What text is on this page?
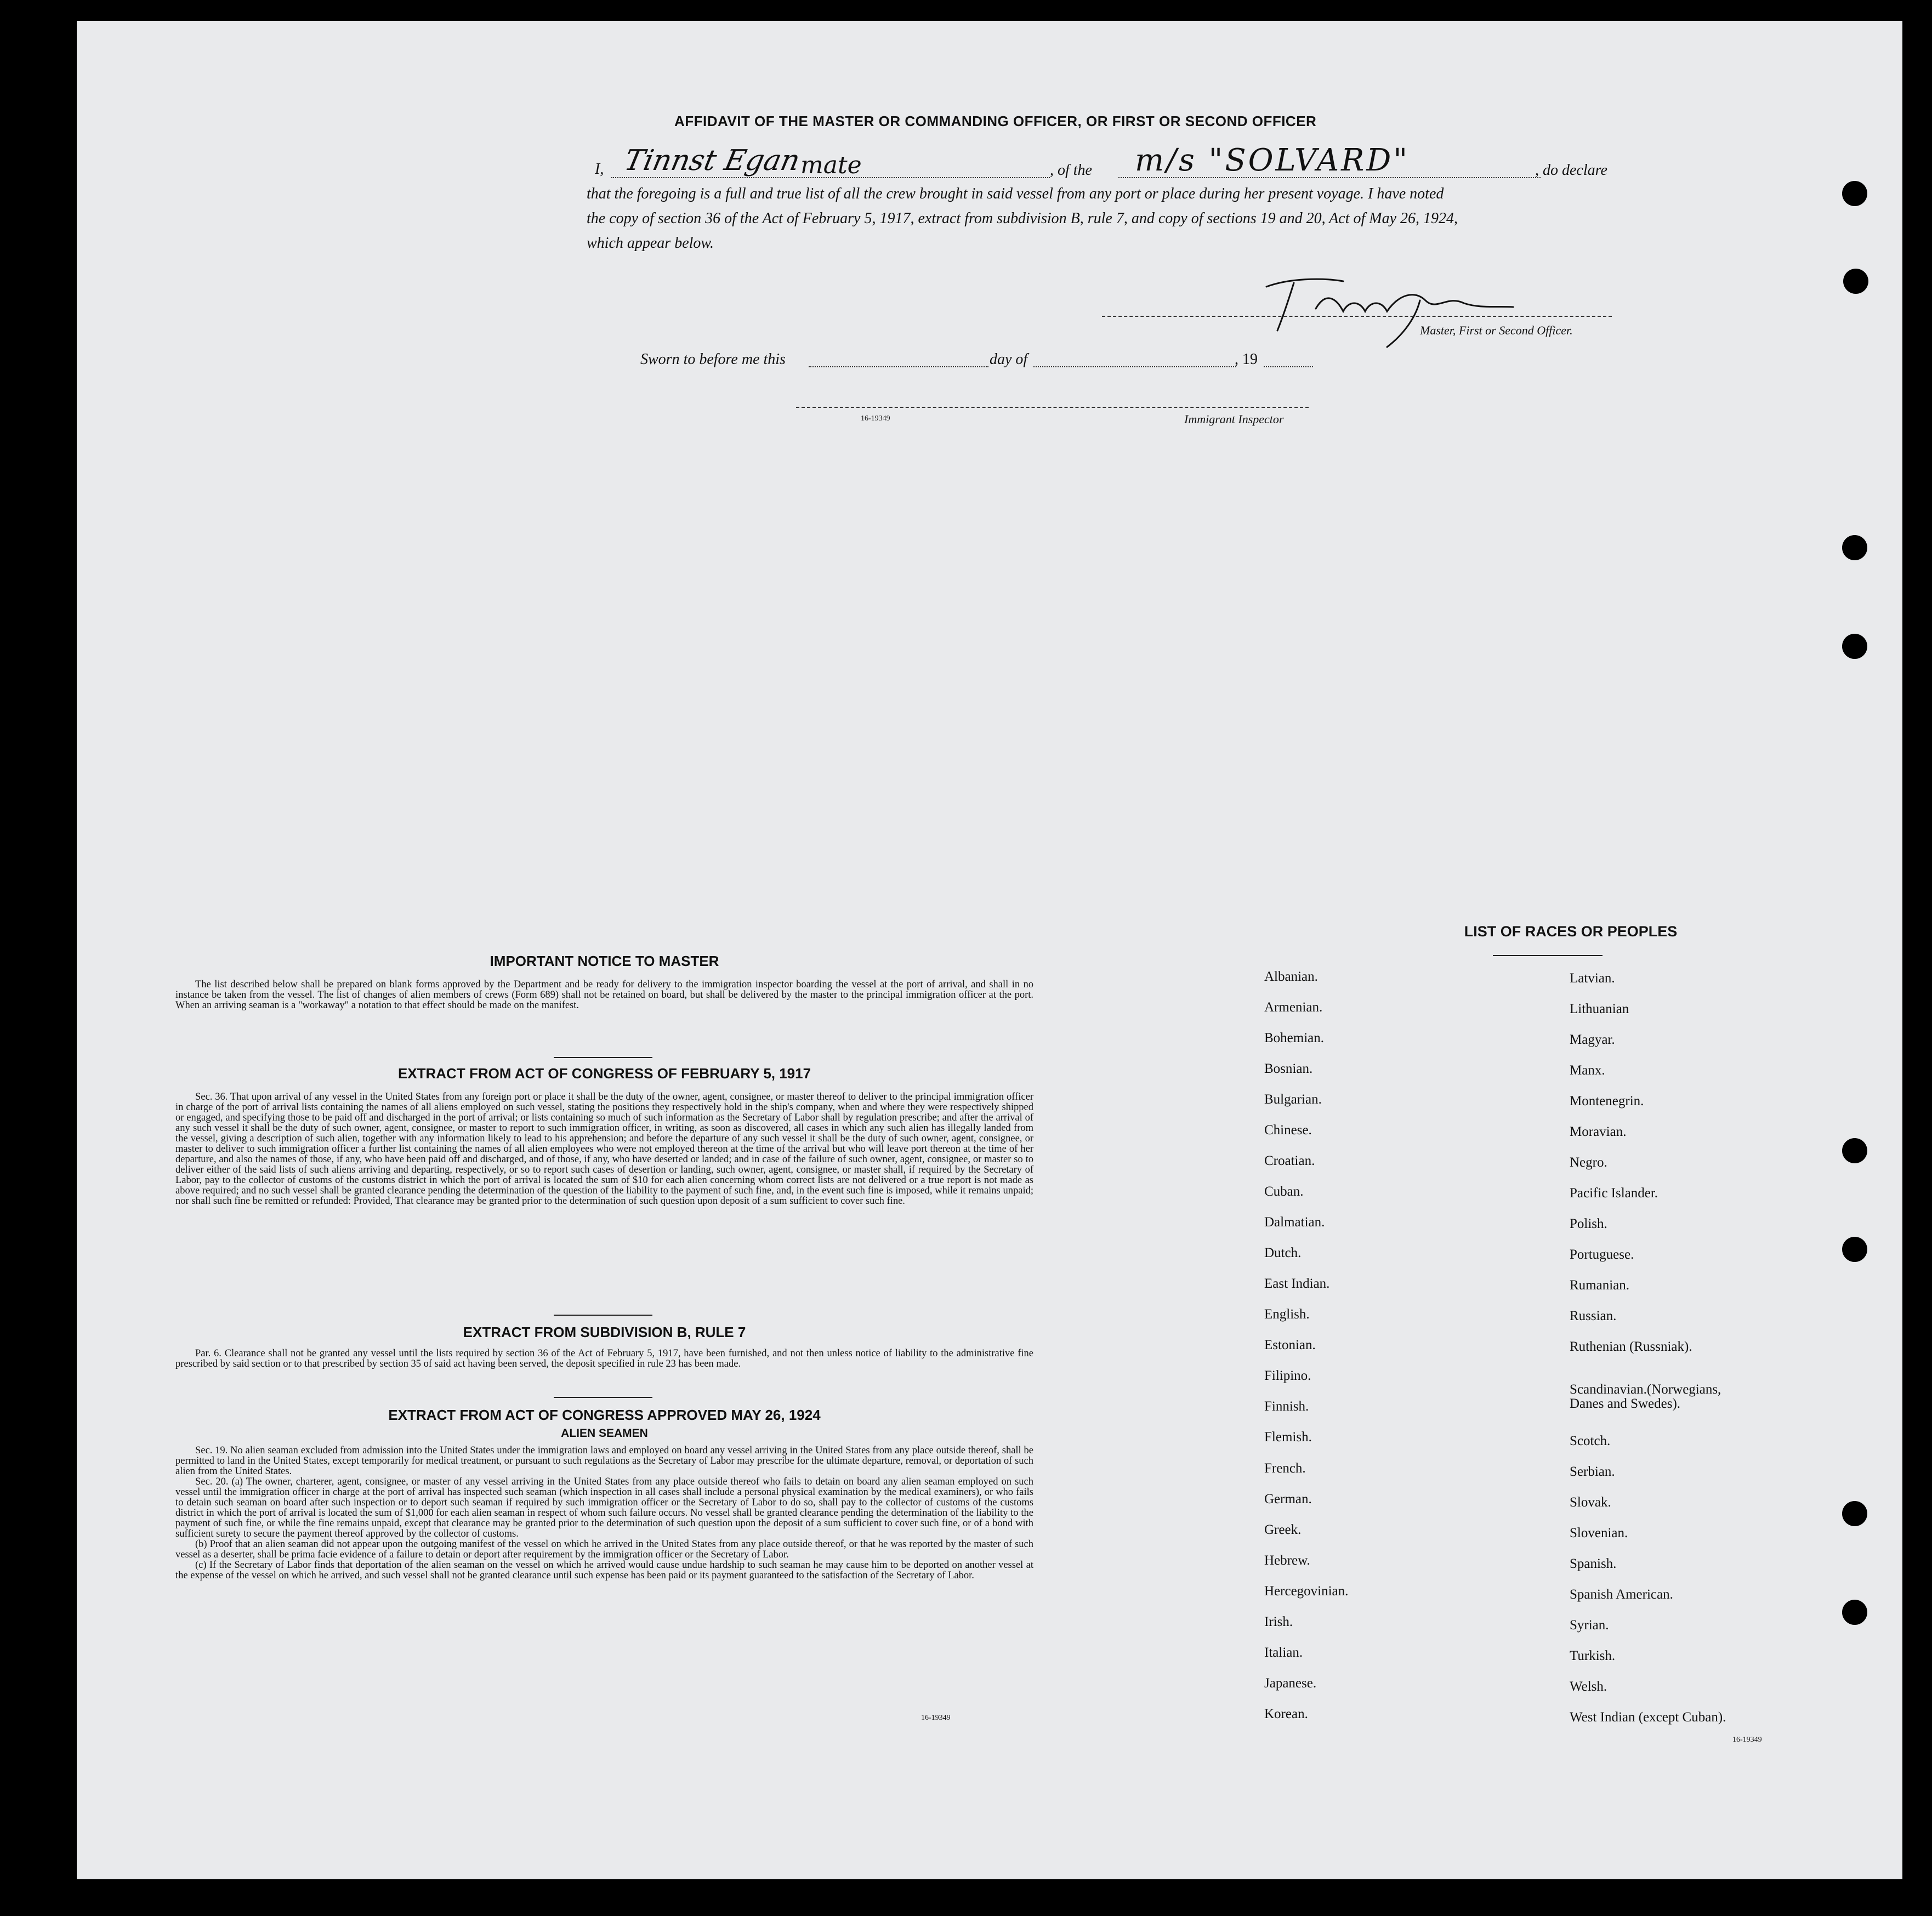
AFFIDAVIT OF THE MASTER OR COMMANDING OFFICER, OR FIRST OR SECOND OFFICER
I, Tinnst Egan
mate	, of the m/s "SOLVARD"	, do declare
that the foregoing is a full and true list of all the crew brought in said vessel from any port or place during her present voyage. I have noted
the copy of section 36 of the Act of February 5, 1917, extract from subdivision B, rule 7, and copy of sections 19 and 20, Act of May 26, 1924,
which appear below.
Master, First or Second Officer.
Sworn to before me this	day of	, 19
16-19349	Immigrant Inspector
IMPORTANT NOTICE TO MASTER

The list described below shall be prepared on blank forms approved by the Department and be ready for delivery to the immigration inspector boarding the vessel at the port of arrival, and shall in no instance be taken from the vessel. The list of changes of alien members of crews (Form 689) shall not be retained on board, but shall be delivered by the master to the principal immigration officer at the port. When an arriving seaman is a "workaway" a notation to that effect should be made on the manifest.

EXTRACT FROM ACT OF CONGRESS OF FEBRUARY 5, 1917

Sec. 36. That upon arrival of any vessel in the United States from any foreign port or place it shall be the duty of the owner, agent, consignee, or master thereof to deliver to the principal immigration officer in charge of the port of arrival lists containing the names of all aliens employed on such vessel, stating the positions they respectively hold in the ship's company, when and where they were respectively shipped or engaged, and specifying those to be paid off and discharged in the port of arrival; or lists containing so much of such information as the Secretary of Labor shall by regulation prescribe; and after the arrival of any such vessel it shall be the duty of such owner, agent, consignee, or master to report to such immigration officer, in writing, as soon as discovered, all cases in which any such alien has illegally landed from the vessel, giving a description of such alien, together with any information likely to lead to his apprehension; and before the departure of any such vessel it shall be the duty of such owner, agent, consignee, or master to deliver to such immigration officer a further list containing the names of all alien employees who were not employed thereon at the time of the arrival but who will leave port thereon at the time of her departure, and also the names of those, if any, who have been paid off and discharged, and of those, if any, who have deserted or landed; and in case of the failure of such owner, agent, consignee, or master so to deliver either of the said lists of such aliens arriving and departing, respectively, or so to report such cases of desertion or landing, such owner, agent, consignee, or master shall, if required by the Secretary of Labor, pay to the collector of customs of the customs district in which the port of arrival is located the sum of $10 for each alien concerning whom correct lists are not delivered or a true report is not made as above required; and no such vessel shall be granted clearance pending the determination of the question of the liability to the payment of such fine, and, in the event such fine is imposed, while it remains unpaid; nor shall such fine be remitted or refunded: Provided, That clearance may be granted prior to the determination of such question upon deposit of a sum sufficient to cover such fine.

EXTRACT FROM SUBDIVISION B, RULE 7

Par. 6. Clearance shall not be granted any vessel until the lists required by section 36 of the Act of February 5, 1917, have been furnished, and not then unless notice of liability to the administrative fine prescribed by said section or to that prescribed by section 35 of said act having been served, the deposit specified in rule 23 has been made.

EXTRACT FROM ACT OF CONGRESS APPROVED MAY 26, 1924
ALIEN SEAMEN

Sec. 19. No alien seaman excluded from admission into the United States under the immigration laws and employed on board any vessel arriving in the United States from any place outside thereof, shall be permitted to land in the United States, except temporarily for medical treatment, or pursuant to such regulations as the Secretary of Labor may prescribe for the ultimate departure, removal, or deportation of such alien from the United States.

Sec. 20. (a) The owner, charterer, agent, consignee, or master of any vessel arriving in the United States from any place outside thereof who fails to detain on board any alien seaman employed on such vessel until the immigration officer in charge at the port of arrival has inspected such seaman (which inspection in all cases shall include a personal physical examination by the medical examiners), or who fails to detain such seaman on board after such inspection or to deport such seaman if required by such immigration officer or the Secretary of Labor to do so, shall pay to the collector of customs of the customs district in which the port of arrival is located the sum of $1,000 for each alien seaman in respect of whom such failure occurs. No vessel shall be granted clearance pending the determination of the liability to the payment of such fine, or while the fine remains unpaid, except that clearance may be granted prior to the determination of such question upon the deposit of a sum sufficient to cover such fine, or of a bond with sufficient surety to secure the payment thereof approved by the collector of customs.

(b) Proof that an alien seaman did not appear upon the outgoing manifest of the vessel on which he arrived in the United States from any place outside thereof, or that he was reported by the master of such vessel as a deserter, shall be prima facie evidence of a failure to detain or deport after requirement by the immigration officer or the Secretary of Labor.

(c) If the Secretary of Labor finds that deportation of the alien seaman on the vessel on which he arrived would cause undue hardship to such seaman he may cause him to be deported on another vessel at the expense of the vessel on which he arrived, and such vessel shall not be granted clearance until such expense has been paid or its payment guaranteed to the satisfaction of the Secretary of Labor.

16-19349
LIST OF RACES OR PEOPLES
16-19349
Albanian.
Armenian.
Bohemian.
Bosnian.
Bulgarian.
Chinese.
Croatian.
Cuban.
Dalmatian.
Dutch.
East Indian.
English.
Estonian.
Filipino.
Finnish.
Flemish.
French.
German.
Greek.
Hebrew.
Hercegovinian.
Irish.
Italian.
Japanese.
Korean.
Latvian.
Lithuanian
Magyar.
Manx.
Montenegrin.
Moravian.
Negro.
Pacific Islander.
Polish.
Portuguese.
Rumanian.
Russian.
Ruthenian (Russniak).
Scandinavian.(Norwegians,
Danes and Swedes).
Scotch.
Serbian.
Slovak.
Slovenian.
Spanish.
Spanish American.
Syrian.
Turkish.
Welsh.
West Indian (except Cuban).
